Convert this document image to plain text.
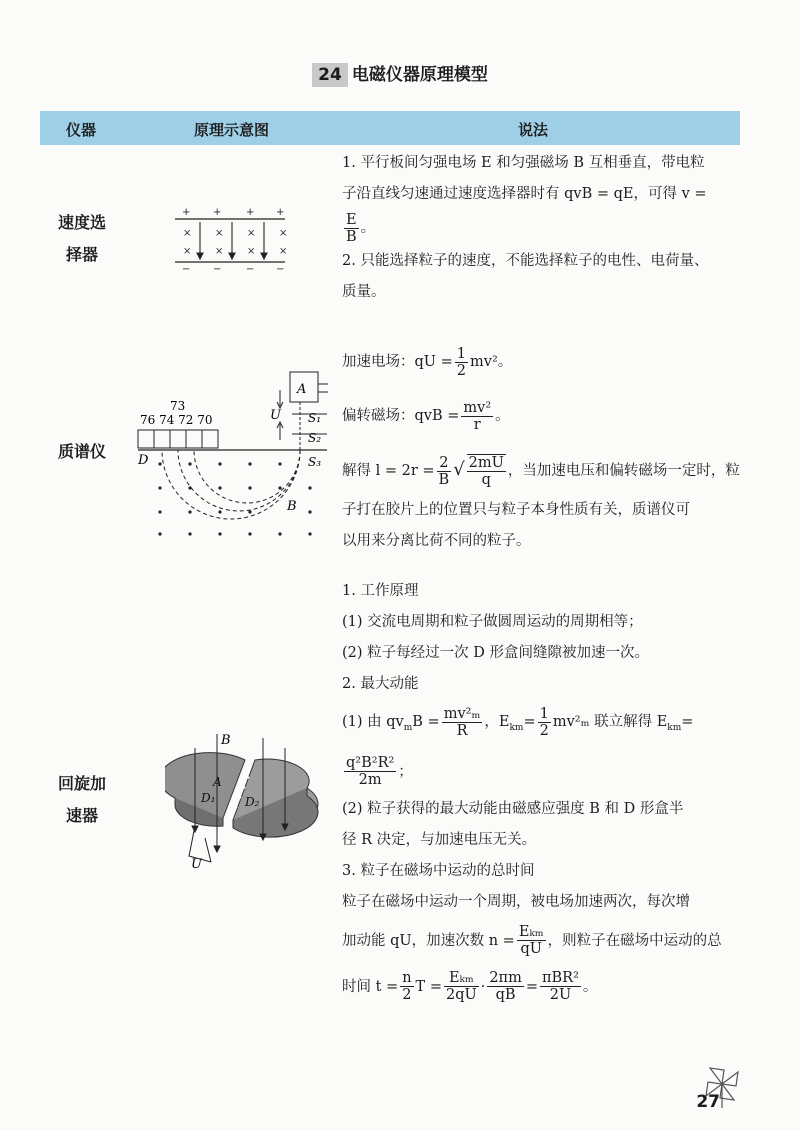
24 电磁仪器原理模型
仪器	原理示意图	说法
速度选
择器
+ + + +
− − − −
× × × ×
× × × ×

1. 平行板间匀强电场 E 和匀强磁场 B 互相垂直，带电粒

子沿直线匀速通过速度选择器时有 qvB = qE，可得 v =

$\frac{E}{B}$ 。

2. 只能选择粒子的速度，不能选择粒子的电性、电荷量、

质量。

质谱仪
73
76 74 72 70
A
S₁
S₂
S₃
U
D
B

加速电场：qU = $\frac{1}{2} mv^2$。

偏转磁场：qvB = $\frac{\text{mv²}}{r}$ 。

解得 $l = 2r = \frac{2}{B}$ √ $\frac{2mU}{q}$ ，当加速电压和偏转磁场一定时，粒

子打在胶片上的位置只与粒子本身性质有关，质谱仪可

以用来分离比荷不同的粒子。

回旋加
速器
B
A
D₁ D₂
U

1. 工作原理

(1) 交流电周期和粒子做圆周运动的周期相等；

(2) 粒子每经过一次 D 形盒间缝隙被加速一次。

2. 最大动能

(1) 由 $qv_mB = \frac{\text{mv²ₘ}}{R}$ ，$E_{km}= \frac{1}{2} mv^2_m$ 联立解得 $E_{km}=$
$\frac{\text{q²B²R²}}{2m}$ ；

(2) 粒子获得的最大动能由磁感应强度 B 和 D 形盒半

径 R 决定，与加速电压无关。

3. 粒子在磁场中运动的总时间

粒子在磁场中运动一个周期，被电场加速两次，每次增

加动能 qU，加速次数 $n = \frac{\text{Eₖₘ}}{qU}$ ，则粒子在磁场中运动的总

时间 $t = \frac{n}{2}$ $T = \frac{\text{Eₖₘ}}{2qU} \cdot \frac{2\pi m}{qB} = \frac{\text{πBR²}}{2U}$ 。

27
